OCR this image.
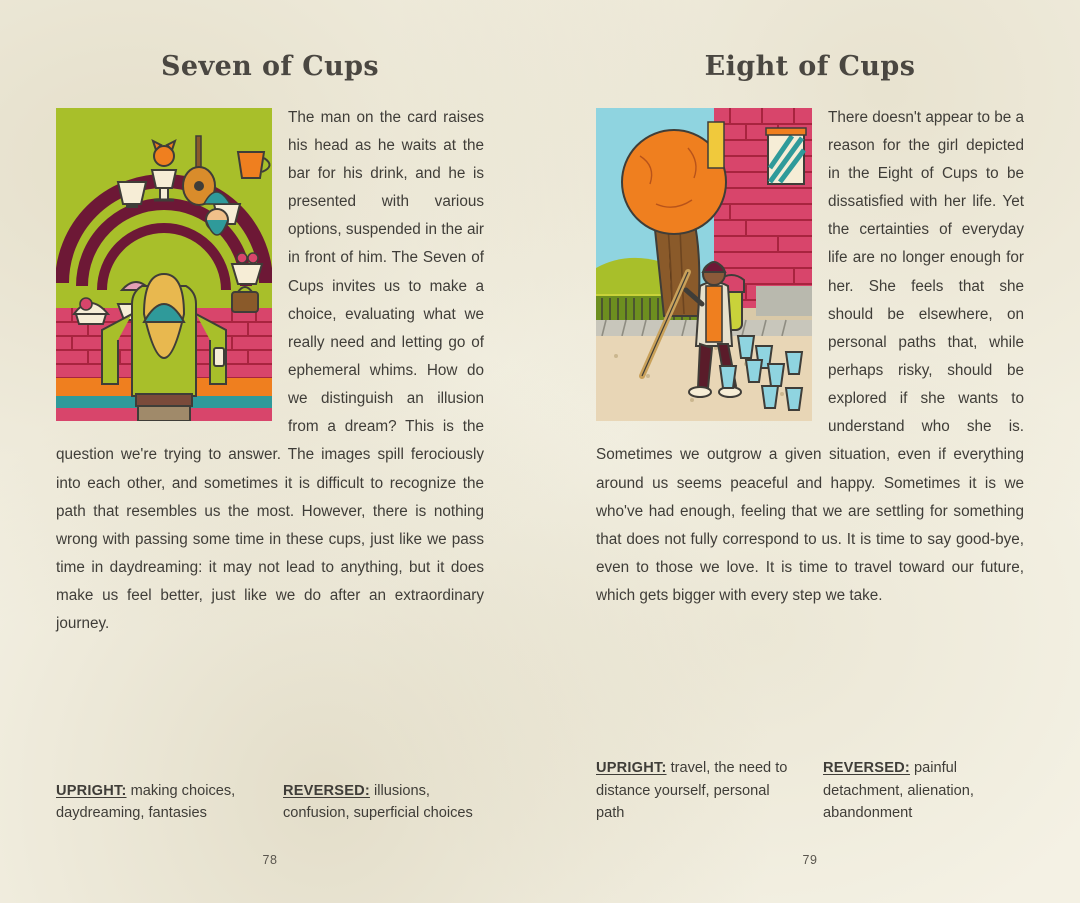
Seven of Cups
The man on the card raises his head as he waits at the bar for his drink, and he is presented with various options, suspended in the air in front of him. The Seven of Cups invites us to make a choice, evaluating what we really need and letting go of ephemeral whims. How do we distinguish an illusion from a dream? This is the question we're trying to answer. The images spill ferociously into each other, and sometimes it is difficult to recognize the path that resembles us the most. However, there is nothing wrong with passing some time in these cups, just like we pass time in daydreaming: it may not lead to anything, but it does make us feel better, just like we do after an extraordinary journey.
UPRIGHT: making choices, daydreaming, fantasies
REVERSED: illusions, confusion, superficial choices
78
Eight of Cups
There doesn't appear to be a reason for the girl depicted in the Eight of Cups to be dissatisfied with her life. Yet the certainties of everyday life are no longer enough for her. She feels that she should be elsewhere, on personal paths that, while perhaps risky, should be explored if she wants to understand who she is. Sometimes we outgrow a given situation, even if everything around us seems peaceful and happy. Sometimes it is we who've had enough, feeling that we are settling for something that does not fully correspond to us. It is time to say good-bye, even to those we love. It is time to travel toward our future, which gets bigger with every step we take.
UPRIGHT: travel, the need to distance yourself, personal path
REVERSED: painful detachment, alienation, abandonment
79
